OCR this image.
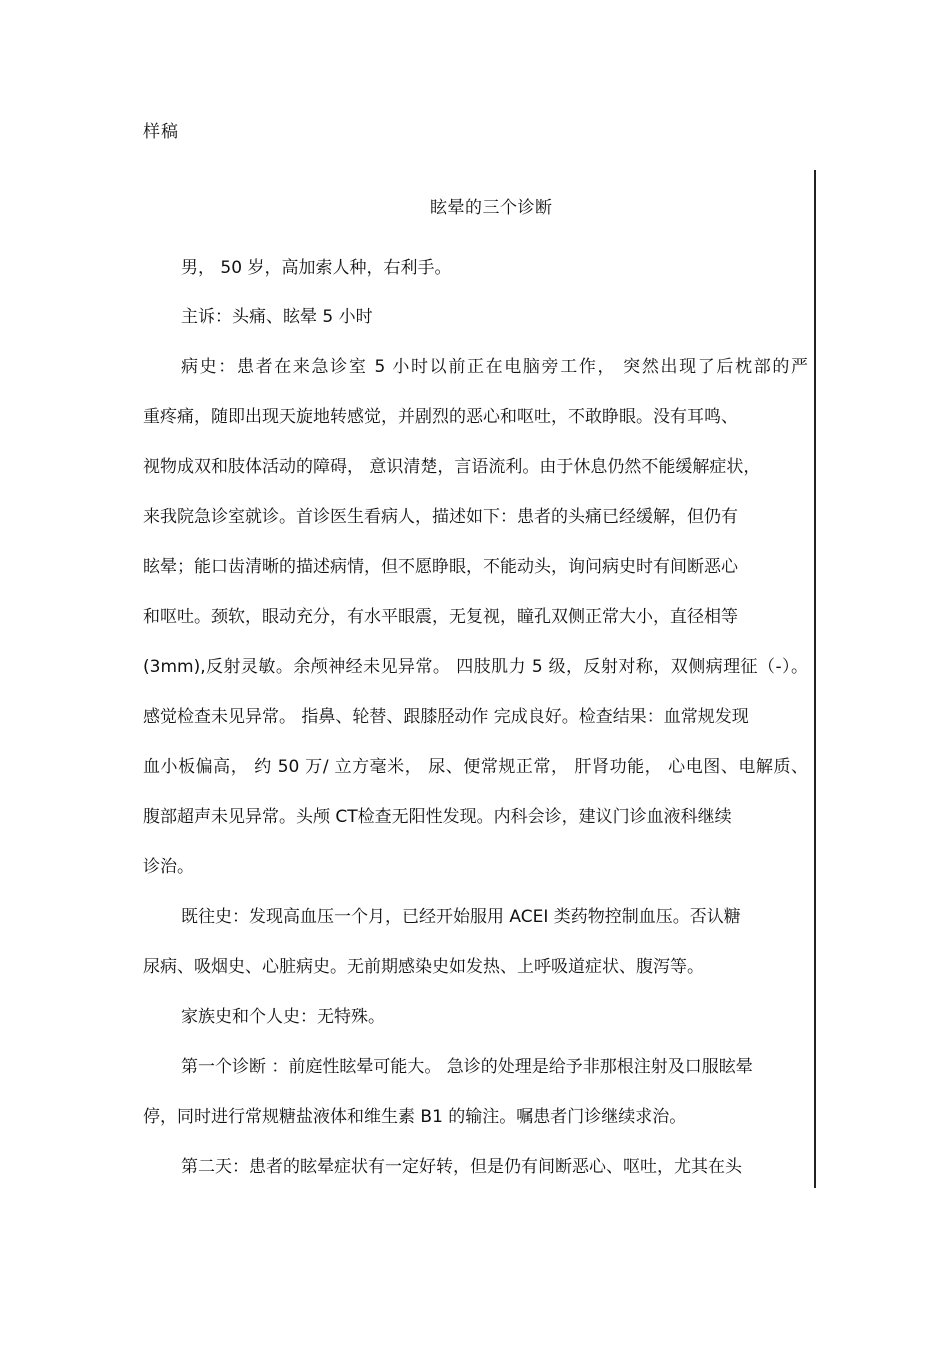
样稿
眩晕的三个诊断
男， 50 岁，高加索人种，右利手。
主诉：头痛、眩晕 5 小时
病史：患者在来急诊室 5 小时以前正在电脑旁工作， 突然出现了后枕部的严
重疼痛，随即出现天旋地转感觉，并剧烈的恶心和呕吐，不敢睁眼。没有耳鸣、
视物成双和肢体活动的障碍， 意识清楚，言语流利。由于休息仍然不能缓解症状，
来我院急诊室就诊。首诊医生看病人，描述如下：患者的头痛已经缓解，但仍有
眩晕；能口齿清晰的描述病情，但不愿睁眼，不能动头，询问病史时有间断恶心
和呕吐。颈软，眼动充分，有水平眼震，无复视，瞳孔双侧正常大小，直径相等
(3mm),反射灵敏。余颅神经未见异常。 四肢肌力 5 级，反射对称，双侧病理征（-）。
感觉检查未见异常。 指鼻、轮替、跟膝胫动作 完成良好。检查结果：血常规发现
血小板偏高， 约 50 万/ 立方毫米， 尿、便常规正常， 肝肾功能， 心电图、电解质、
腹部超声未见异常。头颅 CT检查无阳性发现。内科会诊，建议门诊血液科继续
诊治。
既往史：发现高血压一个月，已经开始服用 ACEI 类药物控制血压。否认糖
尿病、吸烟史、心脏病史。无前期感染史如发热、上呼吸道症状、腹泻等。
家族史和个人史：无特殊。
第一个诊断 ：前庭性眩晕可能大。 急诊的处理是给予非那根注射及口服眩晕
停，同时进行常规糖盐液体和维生素 B1 的输注。嘱患者门诊继续求治。
第二天：患者的眩晕症状有一定好转，但是仍有间断恶心、呕吐，尤其在头
